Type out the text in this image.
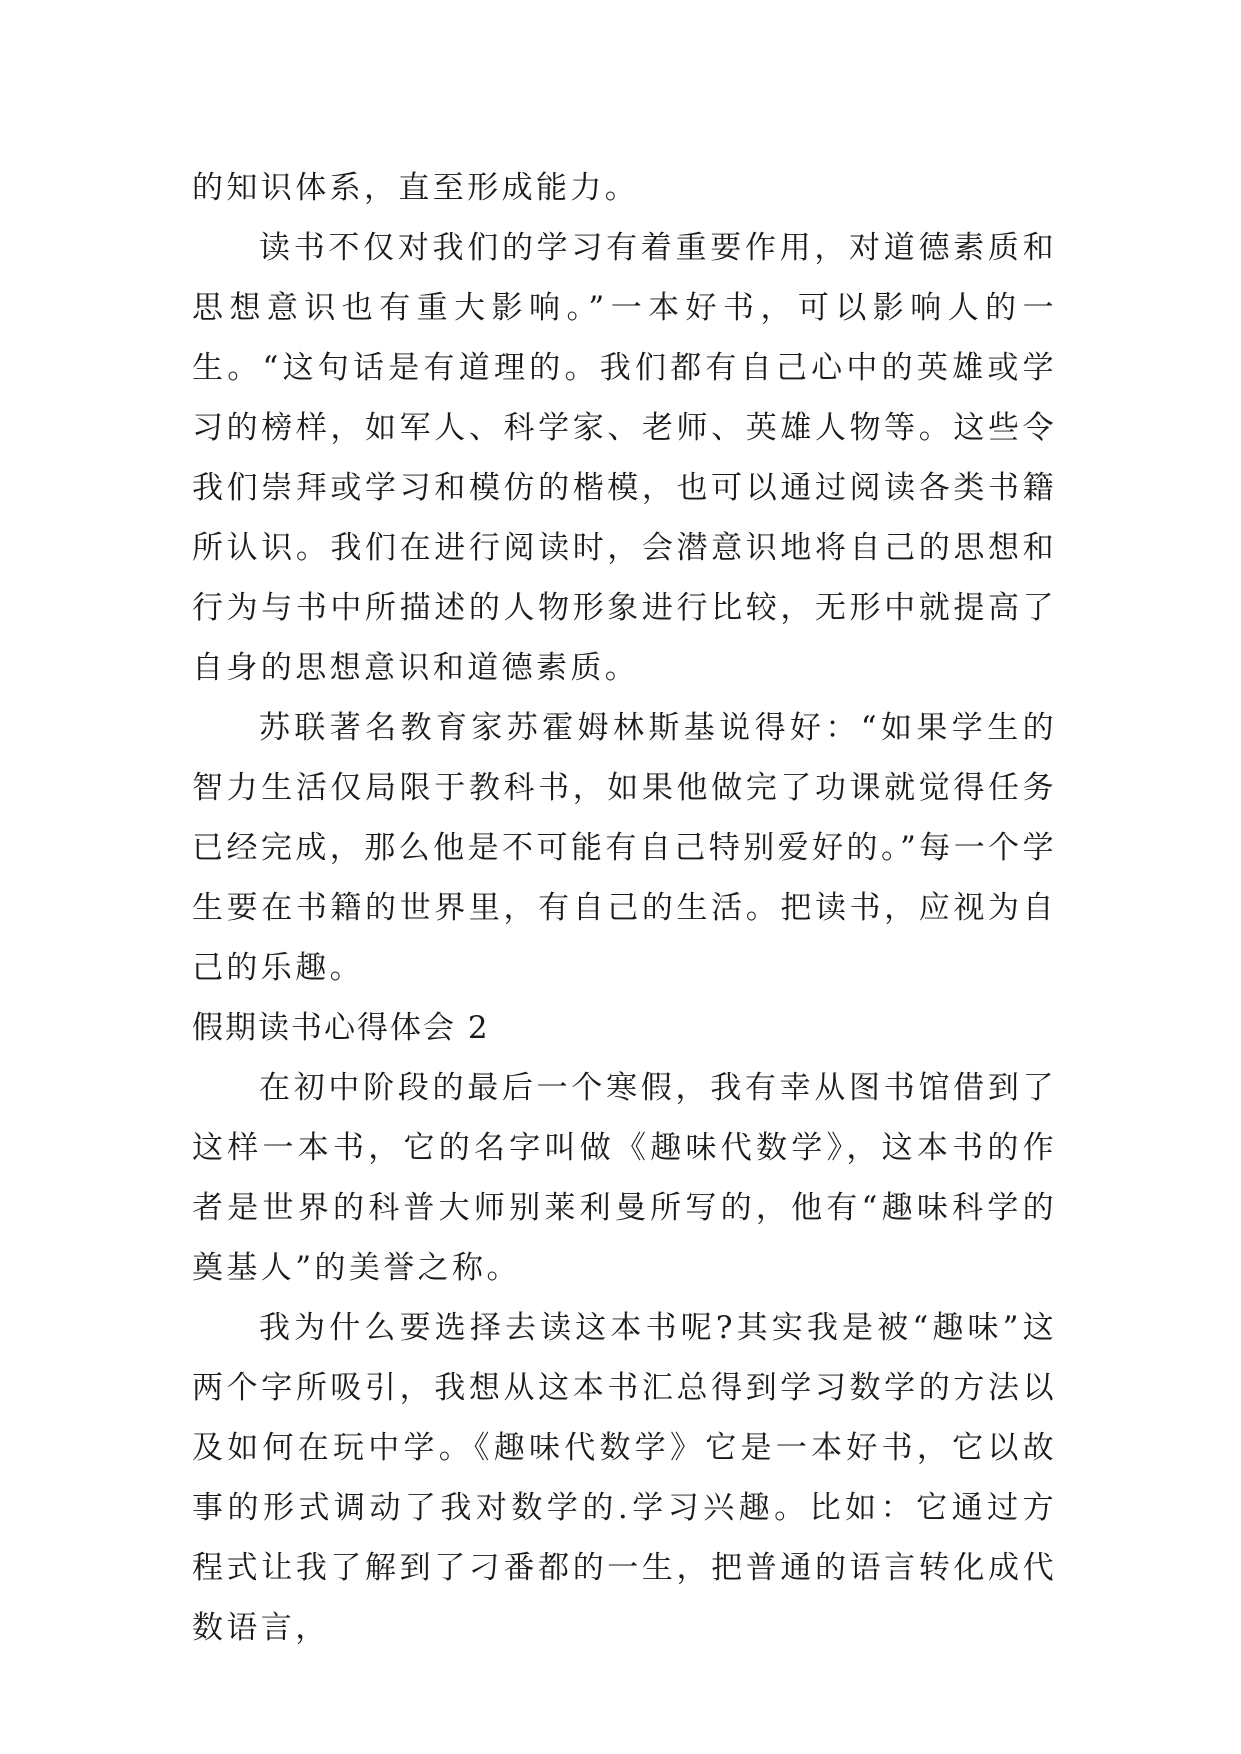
的知识体系，直至形成能力。

读书不仅对我们的学习有着重要作用，对道德素质和思想意识也有重大影响。”一本好书，可以影响人的一生。“这句话是有道理的。我们都有自己心中的英雄或学习的榜样，如军人、科学家、老师、英雄人物等。这些令我们崇拜或学习和模仿的楷模，也可以通过阅读各类书籍所认识。我们在进行阅读时，会潜意识地将自己的思想和行为与书中所描述的人物形象进行比较，无形中就提高了自身的思想意识和道德素质。

苏联著名教育家苏霍姆林斯基说得好：“如果学生的智力生活仅局限于教科书，如果他做完了功课就觉得任务已经完成，那么他是不可能有自己特别爱好的。”每一个学生要在书籍的世界里，有自己的生活。把读书，应视为自己的乐趣。

假期读书心得体会 2

在初中阶段的最后一个寒假，我有幸从图书馆借到了这样一本书，它的名字叫做《趣味代数学》，这本书的作者是世界的科普大师别莱利曼所写的，他有“趣味科学的奠基人”的美誉之称。

我为什么要选择去读这本书呢?其实我是被“趣味”这两个字所吸引，我想从这本书汇总得到学习数学的方法以及如何在玩中学。《趣味代数学》它是一本好书，它以故事的形式调动了我对数学的.学习兴趣。比如：它通过方程式让我了解到了刁番都的一生，把普通的语言转化成代数语言，
